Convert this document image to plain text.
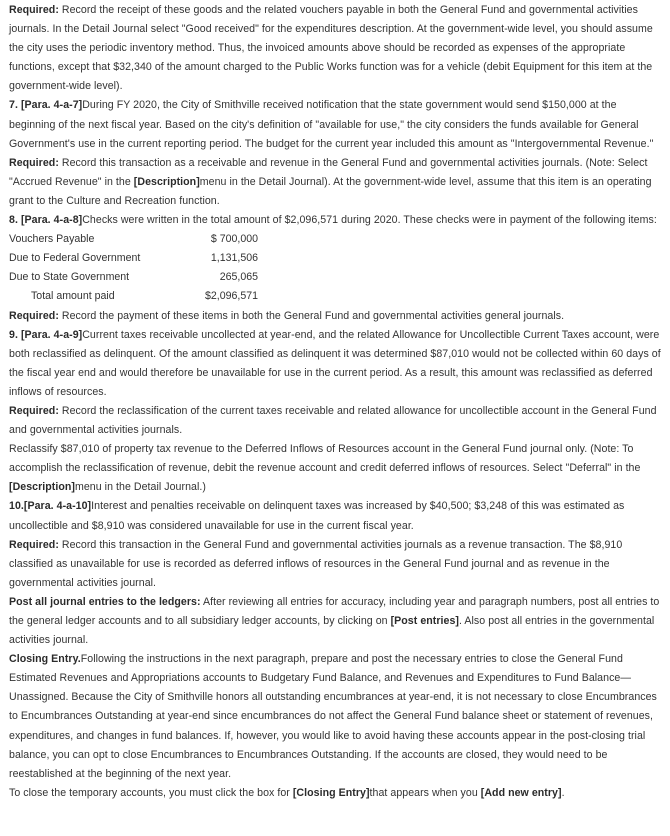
Required: Record the receipt of these goods and the related vouchers payable in both the General Fund and governmental activities journals. In the Detail Journal select "Good received" for the expenditures description. At the government-wide level, you should assume the city uses the periodic inventory method. Thus, the invoiced amounts above should be recorded as expenses of the appropriate functions, except that $32,340 of the amount charged to the Public Works function was for a vehicle (debit Equipment for this item at the government-wide level).

7. [Para. 4-a-7]During FY 2020, the City of Smithville received notification that the state government would send $150,000 at the beginning of the next fiscal year. Based on the city's definition of "available for use," the city considers the funds available for General Government's use in the current reporting period. The budget for the current year included this amount as "Intergovernmental Revenue."

Required: Record this transaction as a receivable and revenue in the General Fund and governmental activities journals. (Note: Select "Accrued Revenue" in the [Description]menu in the Detail Journal). At the government-wide level, assume that this item is an operating grant to the Culture and Recreation function.

8. [Para. 4-a-8]Checks were written in the total amount of $2,096,571 during 2020. These checks were in payment of the following items:

Vouchers Payable	$ 700,000
Due to Federal Government	1,131,506
Due to State Government	265,065
Total amount paid	$2,096,571

Required: Record the payment of these items in both the General Fund and governmental activities general journals.

9. [Para. 4-a-9]Current taxes receivable uncollected at year-end, and the related Allowance for Uncollectible Current Taxes account, were both reclassified as delinquent. Of the amount classified as delinquent it was determined $87,010 would not be collected within 60 days of the fiscal year end and would therefore be unavailable for use in the current period. As a result, this amount was reclassified as deferred inflows of resources.

Required: Record the reclassification of the current taxes receivable and related allowance for uncollectible account in the General Fund and governmental activities journals.

Reclassify $87,010 of property tax revenue to the Deferred Inflows of Resources account in the General Fund journal only. (Note: To accomplish the reclassification of revenue, debit the revenue account and credit deferred inflows of resources. Select "Deferral" in the [Description]menu in the Detail Journal.)

10.[Para. 4-a-10]Interest and penalties receivable on delinquent taxes was increased by $40,500; $3,248 of this was estimated as uncollectible and $8,910 was considered unavailable for use in the current fiscal year.

Required: Record this transaction in the General Fund and governmental activities journals as a revenue transaction. The $8,910 classified as unavailable for use is recorded as deferred inflows of resources in the General Fund journal and as revenue in the governmental activities journal.

Post all journal entries to the ledgers: After reviewing all entries for accuracy, including year and paragraph numbers, post all entries to the general ledger accounts and to all subsidiary ledger accounts, by clicking on [Post entries]. Also post all entries in the governmental activities journal.

Closing Entry.Following the instructions in the next paragraph, prepare and post the necessary entries to close the General Fund Estimated Revenues and Appropriations accounts to Budgetary Fund Balance, and Revenues and Expenditures to Fund Balance—Unassigned. Because the City of Smithville honors all outstanding encumbrances at year-end, it is not necessary to close Encumbrances to Encumbrances Outstanding at year-end since encumbrances do not affect the General Fund balance sheet or statement of revenues, expenditures, and changes in fund balances. If, however, you would like to avoid having these accounts appear in the post-closing trial balance, you can opt to close Encumbrances to Encumbrances Outstanding. If the accounts are closed, they would need to be reestablished at the beginning of the next year.

To close the temporary accounts, you must click the box for [Closing Entry]that appears when you [Add new entry].
